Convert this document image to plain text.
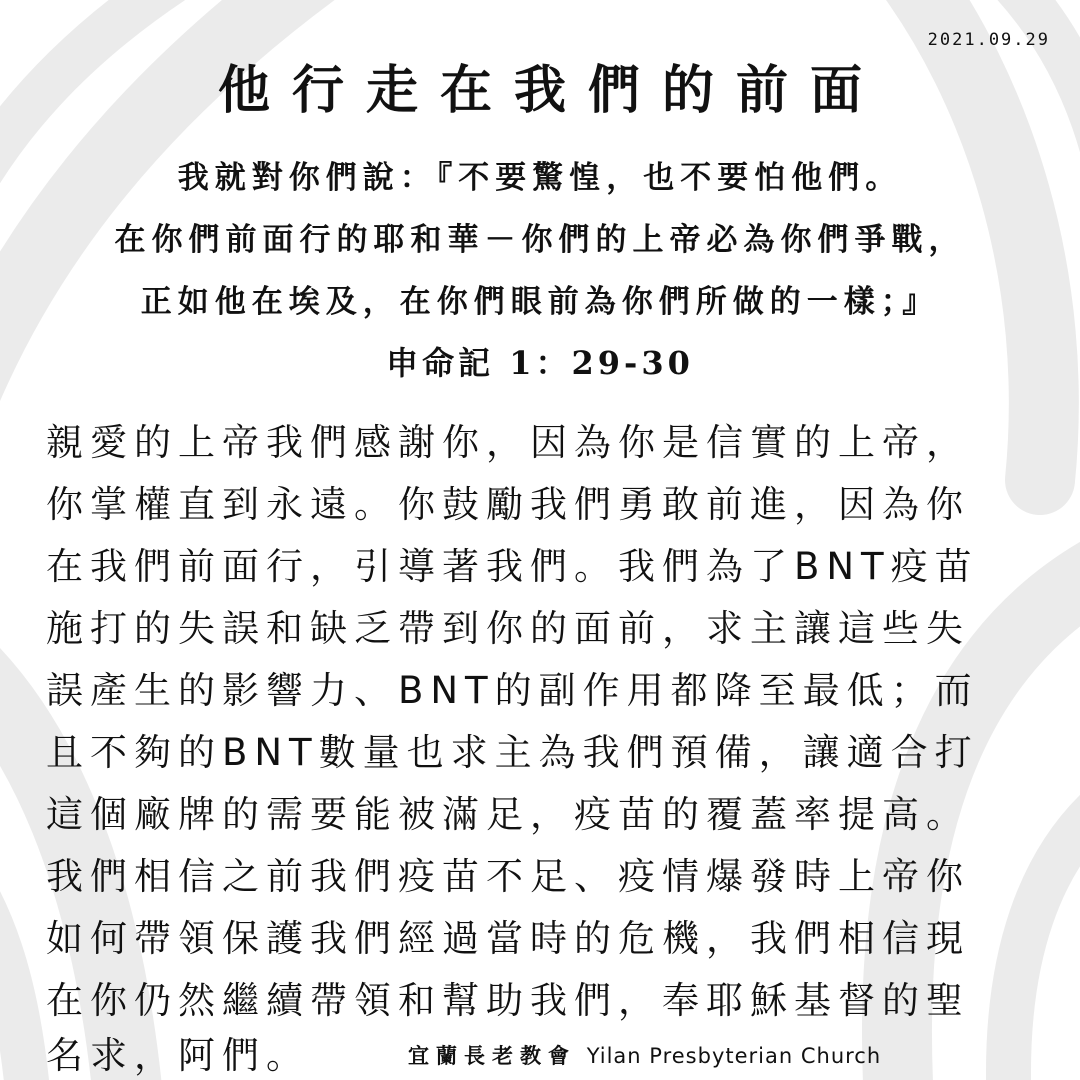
2021.09.29
他行走在我們的前面
我就對你們說：『不要驚惶，也不要怕他們。
在你們前面行的耶和華－你們的上帝必為你們爭戰，
正如他在埃及，在你們眼前為你們所做的一樣；』
申命記 1：29-30
親愛的上帝我們感謝你，因為你是信實的上帝，
你掌權直到永遠。你鼓勵我們勇敢前進，因為你
在我們前面行，引導著我們。我們為了BNT疫苗
施打的失誤和缺乏帶到你的面前，求主讓這些失
誤產生的影響力、BNT的副作用都降至最低；而
且不夠的BNT數量也求主為我們預備，讓適合打
這個廠牌的需要能被滿足，疫苗的覆蓋率提高。
我們相信之前我們疫苗不足、疫情爆發時上帝你
如何帶領保護我們經過當時的危機，我們相信現
在你仍然繼續帶領和幫助我們，奉耶穌基督的聖
名求，阿們。	宜蘭長老教會 Yilan Presbyterian Church
